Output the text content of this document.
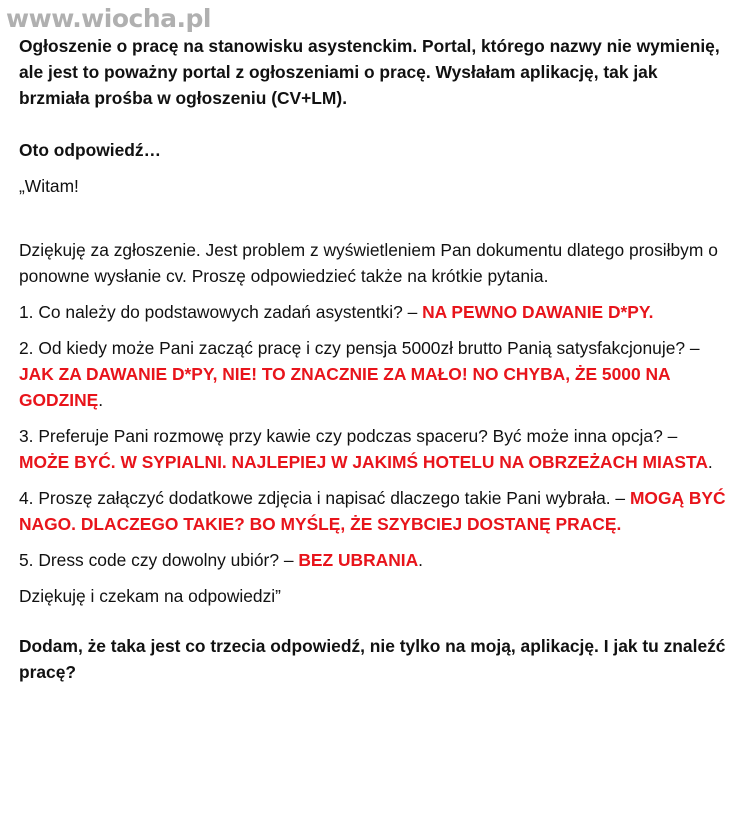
www.wiocha.pl

Ogłoszenie o pracę na stanowisku asystenckim. Portal, którego nazwy nie wymienię, ale jest to poważny portal z ogłoszeniami o pracę. Wysłałam aplikację, tak jak brzmiała prośba w ogłoszeniu (CV+LM).

Oto odpowiedź…

„Witam!

Dziękuję za zgłoszenie. Jest problem z wyświetleniem Pan dokumentu dlatego prosiłbym o ponowne wysłanie cv. Proszę odpowiedzieć także na krótkie pytania.

1. Co należy do podstawowych zadań asystentki? – NA PEWNO DAWANIE D*PY.

2. Od kiedy może Pani zacząć pracę i czy pensja 5000zł brutto Panią satysfakcjonuje? – JAK ZA DAWANIE D*PY, NIE! TO ZNACZNIE ZA MAŁO! NO CHYBA, ŻE 5000 NA GODZINĘ.

3. Preferuje Pani rozmowę przy kawie czy podczas spaceru? Być może inna opcja? – MOŻE BYĆ. W SYPIALNI. NAJLEPIEJ W JAKIMŚ HOTELU NA OBRZEŻACH MIASTA.

4. Proszę załączyć dodatkowe zdjęcia i napisać dlaczego takie Pani wybrała. – MOGĄ BYĆ NAGO. DLACZEGO TAKIE? BO MYŚLĘ, ŻE SZYBCIEJ DOSTANĘ PRACĘ.

5. Dress code czy dowolny ubiór? – BEZ UBRANIA.

Dziękuję i czekam na odpowiedzi”

Dodam, że taka jest co trzecia odpowiedź, nie tylko na moją, aplikację. I jak tu znaleźć pracę?
